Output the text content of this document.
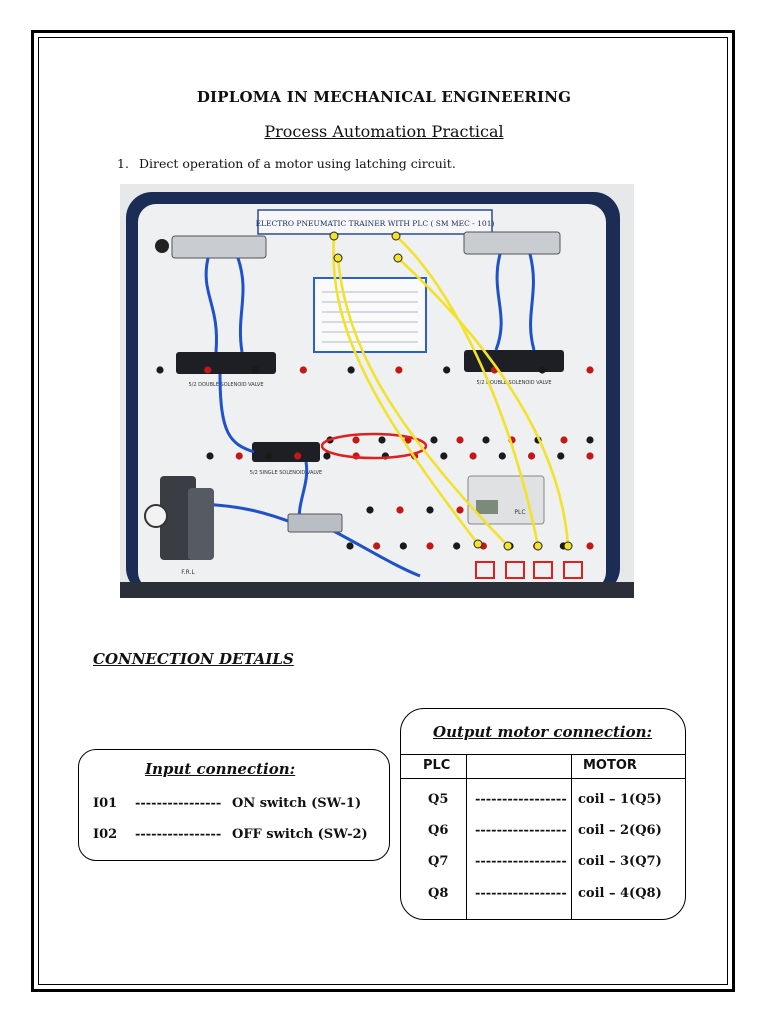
DIPLOMA IN MECHANICAL ENGINEERING
Process Automation Practical
1. Direct operation of a motor using latching circuit.
ELECTRO PNEUMATIC TRAINER WITH PLC ( SM MEC - 101)
5/2 DOUBLE SOLENOID VALVE	5/2 DOUBLE SOLENOID VALVE
5/2 SINGLE SOLENOID VALVE
F.R.L
PLC
CONNECTION DETAILS
Input connection:
I01 ---------------- ON switch (SW-1)
I02 ---------------- OFF switch (SW-2)
Output motor connection:
PLC	MOTOR
Q5 ----------------- coil – 1(Q5)
Q6 ----------------- coil – 2(Q6)
Q7 ----------------- coil – 3(Q7)
Q8 ----------------- coil – 4(Q8)
